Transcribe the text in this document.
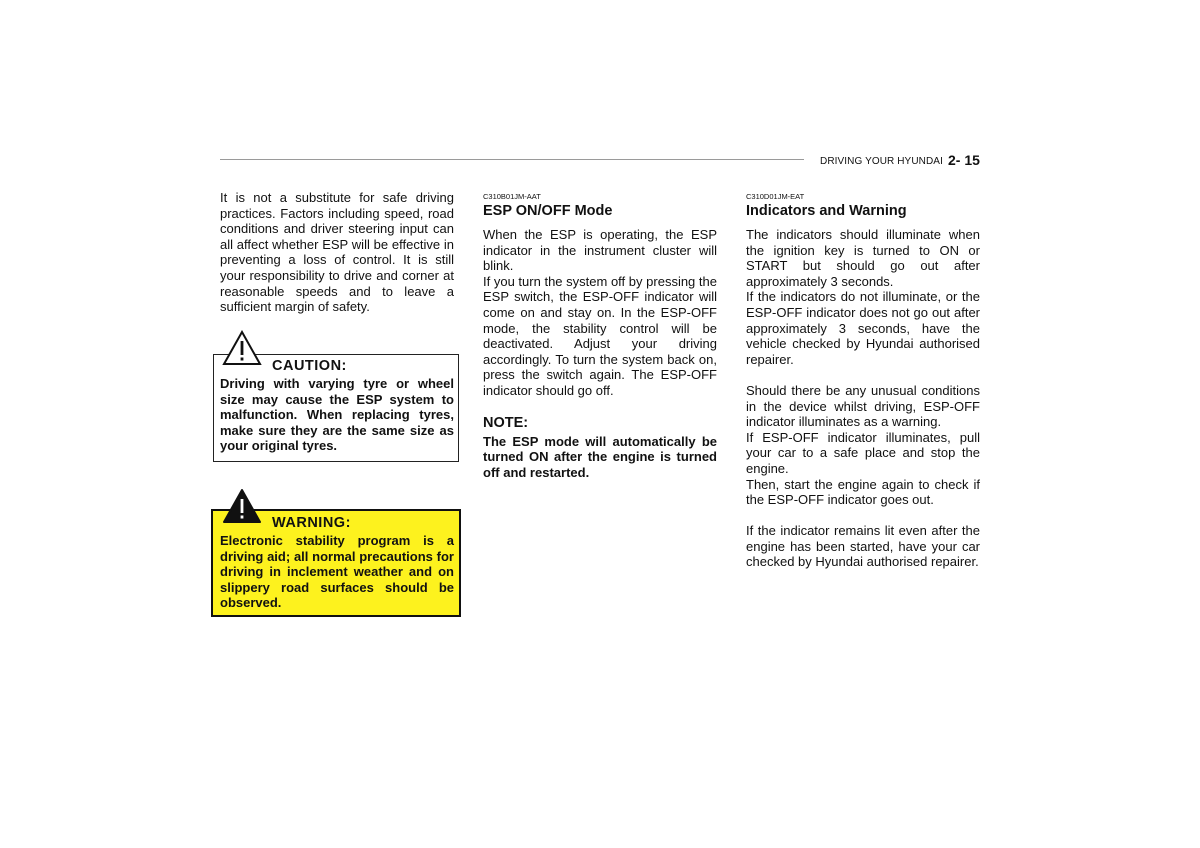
DRIVING YOUR HYUNDAI 2- 15

It is not a substitute for safe driving practices. Factors including speed, road conditions and driver steering input can all affect whether ESP will be effective in preventing a loss of control. It is still your responsibility to drive and corner at reasonable speeds and to leave a sufficient margin of safety.

CAUTION:

Driving with varying tyre or wheel size may cause the ESP system to malfunction. When replacing tyres, make sure they are the same size as your original tyres.

WARNING:

Electronic stability program is a driving aid; all normal precautions for driving in inclement weather and on slippery road surfaces should be observed.

C310B01JM-AAT
ESP ON/OFF Mode

When the ESP is operating, the ESP indicator in the instrument cluster will blink.

If you turn the system off by pressing the ESP switch, the ESP-OFF indicator will come on and stay on. In the ESP-OFF mode, the stability control will be deactivated. Adjust your driving accordingly. To turn the system back on, press the switch again. The ESP-OFF indicator should go off.

NOTE:

The ESP mode will automatically be turned ON after the engine is turned off and restarted.

C310D01JM-EAT
Indicators and Warning

The indicators should illuminate when the ignition key is turned to ON or START but should go out after approximately 3 seconds.

If the indicators do not illuminate, or the ESP-OFF indicator does not go out after approximately 3 seconds, have the vehicle checked by Hyundai authorised repairer.

Should there be any unusual conditions in the device whilst driving, ESP-OFF indicator illuminates as a warning.

If ESP-OFF indicator illuminates, pull your car to a safe place and stop the engine.

Then, start the engine again to check if the ESP-OFF indicator goes out.

If the indicator remains lit even after the engine has been started, have your car checked by Hyundai authorised repairer.
